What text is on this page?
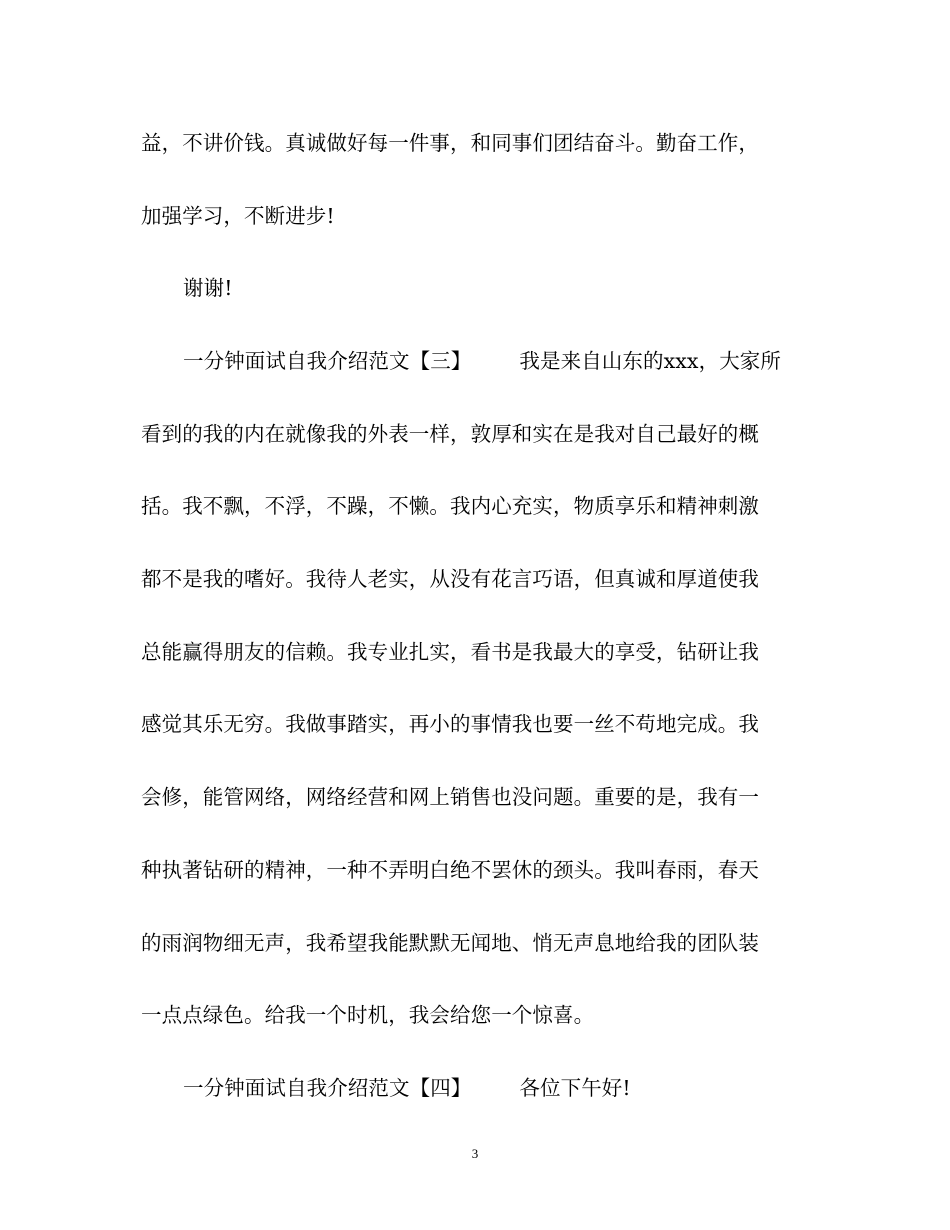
益，不讲价钱。真诚做好每一件事，和同事们团结奋斗。勤奋工作，
加强学习，不断进步!
谢谢!
一分钟面试自我介绍范文【三】 我是来自山东的xxx，大家所
看到的我的内在就像我的外表一样，敦厚和实在是我对自己最好的概
括。我不飘，不浮，不躁，不懒。我内心充实，物质享乐和精神刺激
都不是我的嗜好。我待人老实，从没有花言巧语，但真诚和厚道使我
总能赢得朋友的信赖。我专业扎实，看书是我最大的享受，钻研让我
感觉其乐无穷。我做事踏实，再小的事情我也要一丝不苟地完成。我
会修，能管网络，网络经营和网上销售也没问题。重要的是，我有一
种执著钻研的精神，一种不弄明白绝不罢休的颈头。我叫春雨，春天
的雨润物细无声，我希望我能默默无闻地、悄无声息地给我的团队装
一点点绿色。给我一个时机，我会给您一个惊喜。
一分钟面试自我介绍范文【四】 各位下午好!
3
